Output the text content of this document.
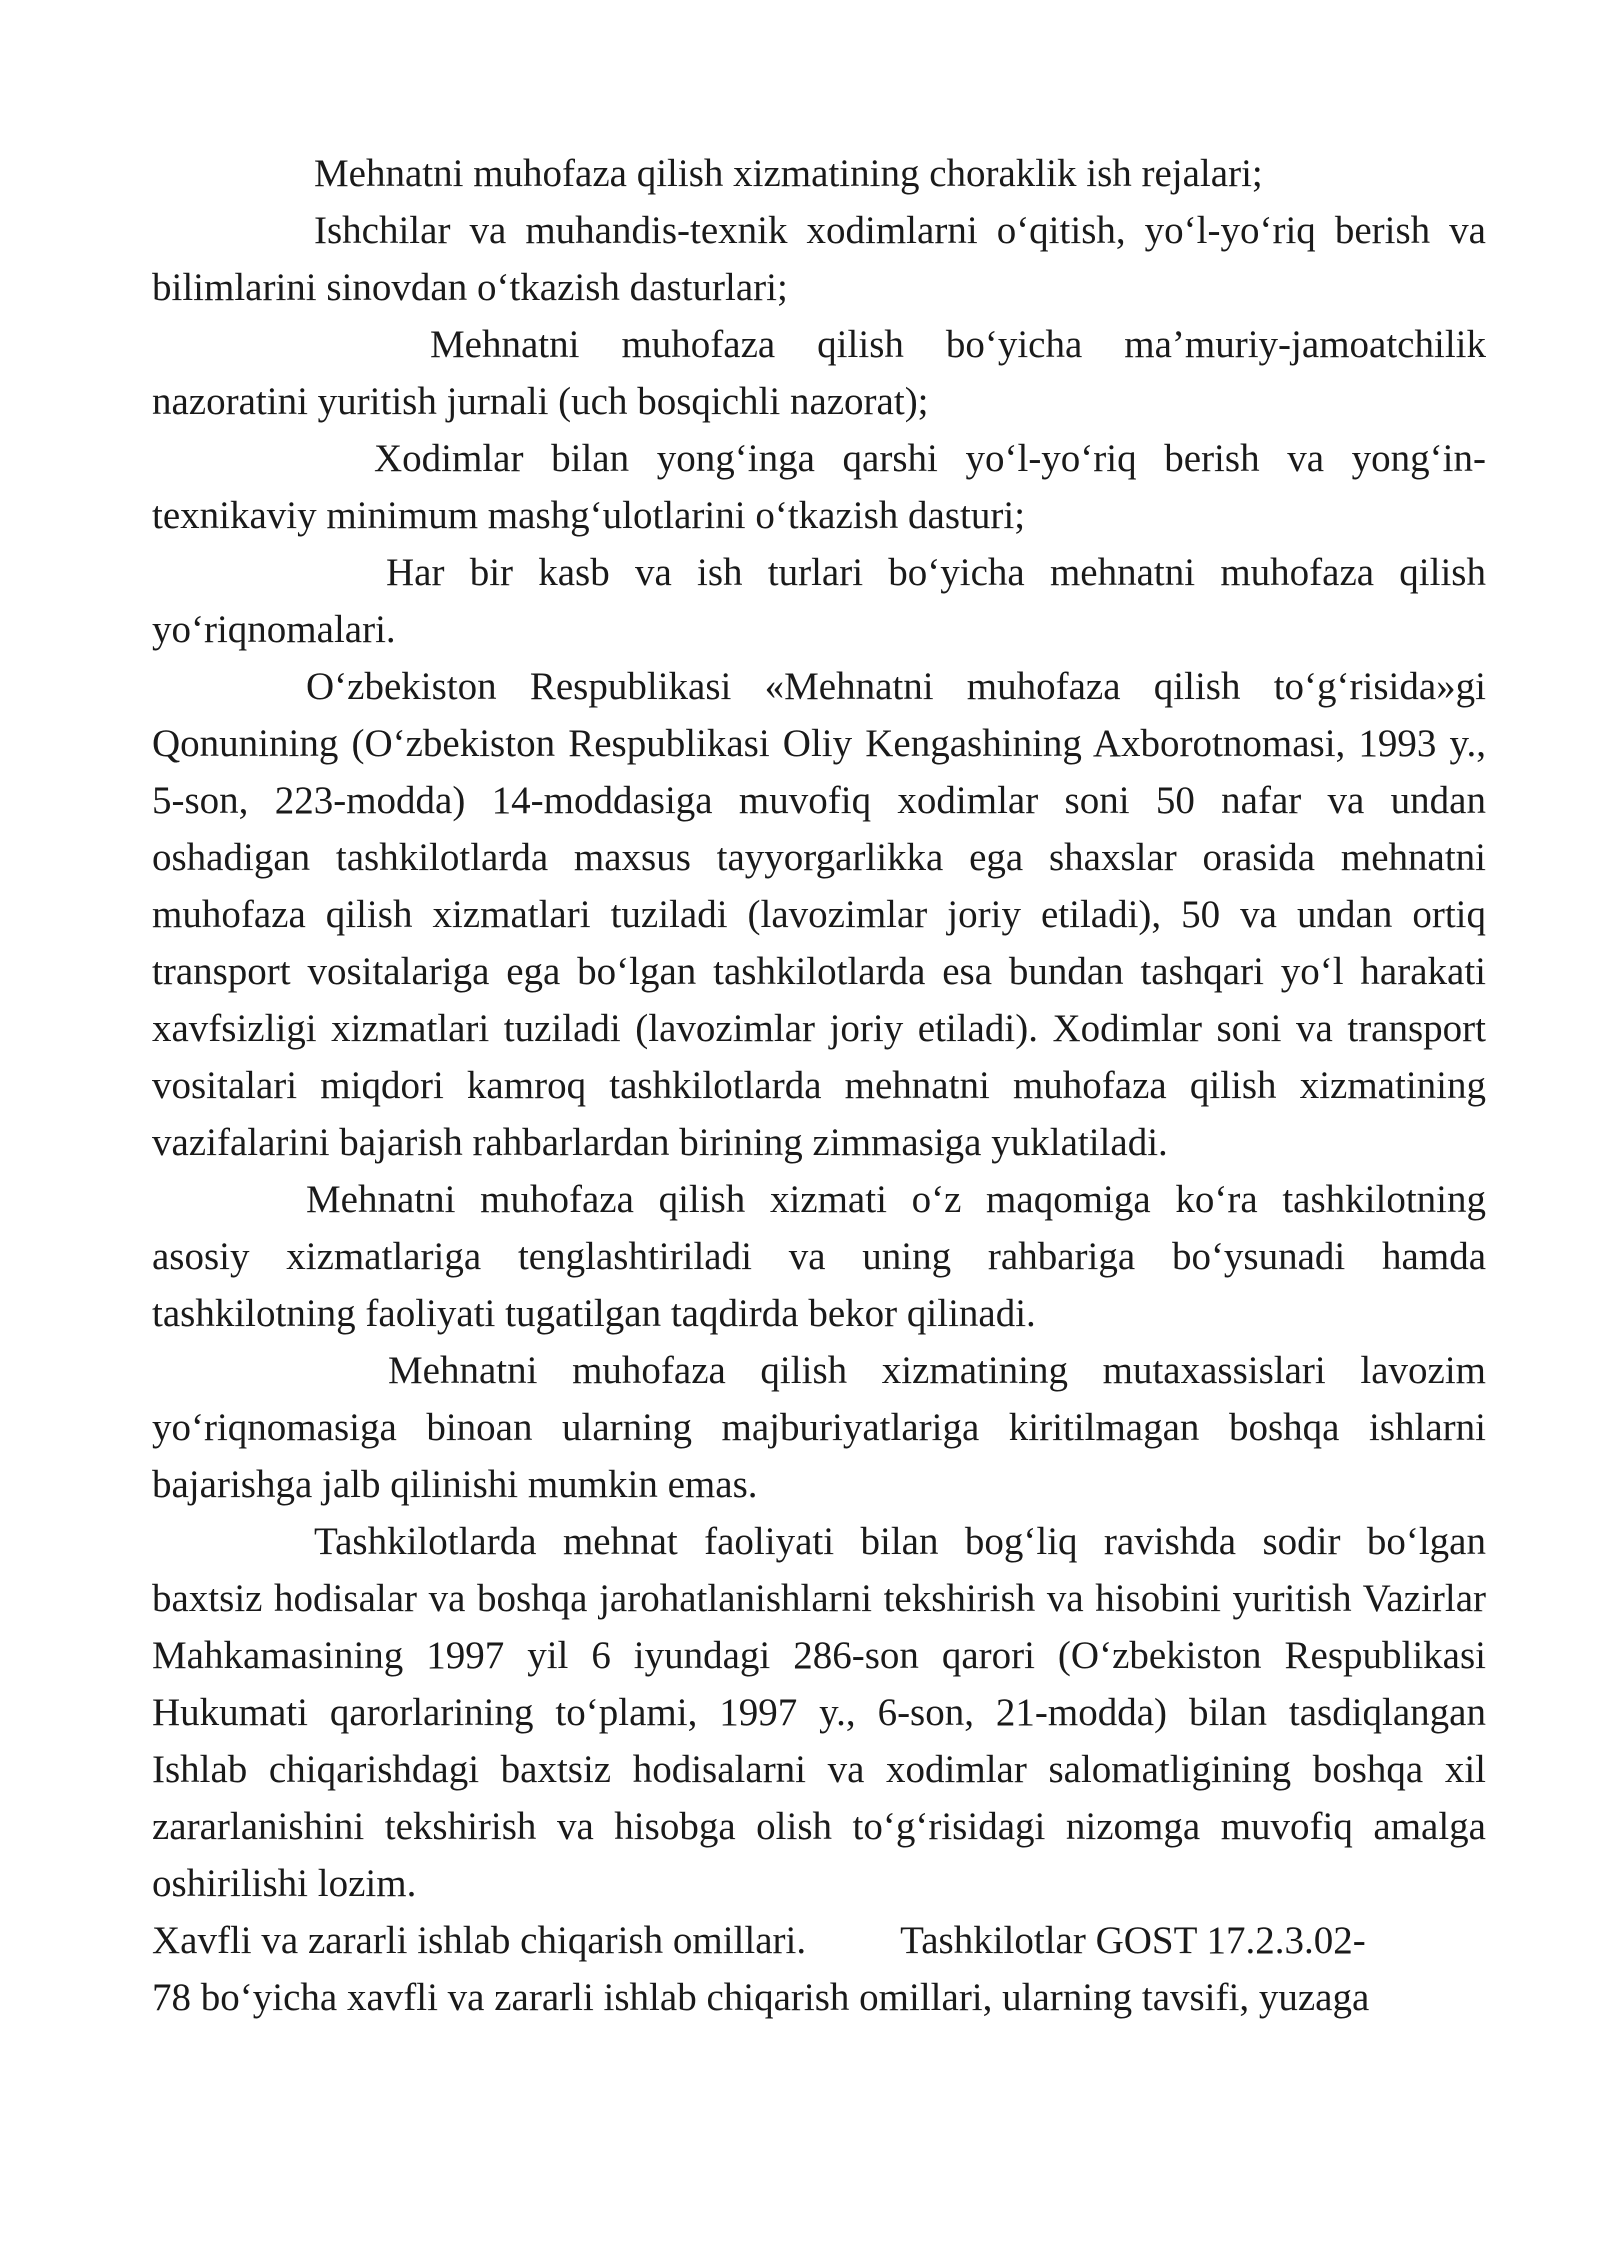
Mehnatni muhofaza qilish xizmatining choraklik ish rejalari;

Ishchilar va muhandis-texnik xodimlarni o‘qitish, yo‘l-yo‘riq berish va bilimlarini sinovdan o‘tkazish dasturlari;

Mehnatni muhofaza qilish bo‘yicha ma’muriy-jamoatchilik nazoratini yuritish jurnali (uch bosqichli nazorat);

Xodimlar bilan yong‘inga qarshi yo‘l-yo‘riq berish va yong‘in-texnikaviy minimum mashg‘ulotlarini o‘tkazish dasturi;

Har bir kasb va ish turlari bo‘yicha mehnatni muhofaza qilish yo‘riqnomalari.

O‘zbekiston Respublikasi «Mehnatni muhofaza qilish to‘g‘risida»gi Qonunining (O‘zbekiston Respublikasi Oliy Kengashining Axborotnomasi, 1993 y., 5-son, 223-modda) 14-moddasiga muvofiq xodimlar soni 50 nafar va undan oshadigan tashkilotlarda maxsus tayyorgarlikka ega shaxslar orasida mehnatni muhofaza qilish xizmatlari tuziladi (lavozimlar joriy etiladi), 50 va undan ortiq transport vositalariga ega bo‘lgan tashkilotlarda esa bundan tashqari yo‘l harakati xavfsizligi xizmatlari tuziladi (lavozimlar joriy etiladi). Xodimlar soni va transport vositalari miqdori kamroq tashkilotlarda mehnatni muhofaza qilish xizmatining vazifalarini bajarish rahbarlardan birining zimmasiga yuklatiladi.

Mehnatni muhofaza qilish xizmati o‘z maqomiga ko‘ra tashkilotning asosiy xizmatlariga tenglashtiriladi va uning rahbariga bo‘ysunadi hamda tashkilotning faoliyati tugatilgan taqdirda bekor qilinadi.

Mehnatni muhofaza qilish xizmatining mutaxassislari lavozim yo‘riqnomasiga binoan ularning majburiyatlariga kiritilmagan boshqa ishlarni bajarishga jalb qilinishi mumkin emas.

Tashkilotlarda mehnat faoliyati bilan bog‘liq ravishda sodir bo‘lgan baxtsiz hodisalar va boshqa jarohatlanishlarni tekshirish va hisobini yuritish Vazirlar Mahkamasining 1997 yil 6 iyundagi 286-son qarori (O‘zbekiston Respublikasi Hukumati qarorlarining to‘plami, 1997 y., 6-son, 21-modda) bilan tasdiqlangan Ishlab chiqarishdagi baxtsiz hodisalarni va xodimlar salomatligining boshqa xil zararlanishini tekshirish va hisobga olish to‘g‘risidagi nizomga muvofiq amalga oshirilishi lozim.

Xavfli va zararli ishlab chiqarish omillari. Tashkilotlar GOST 17.2.3.02-
78 bo‘yicha xavfli va zararli ishlab chiqarish omillari, ularning tavsifi, yuzaga
